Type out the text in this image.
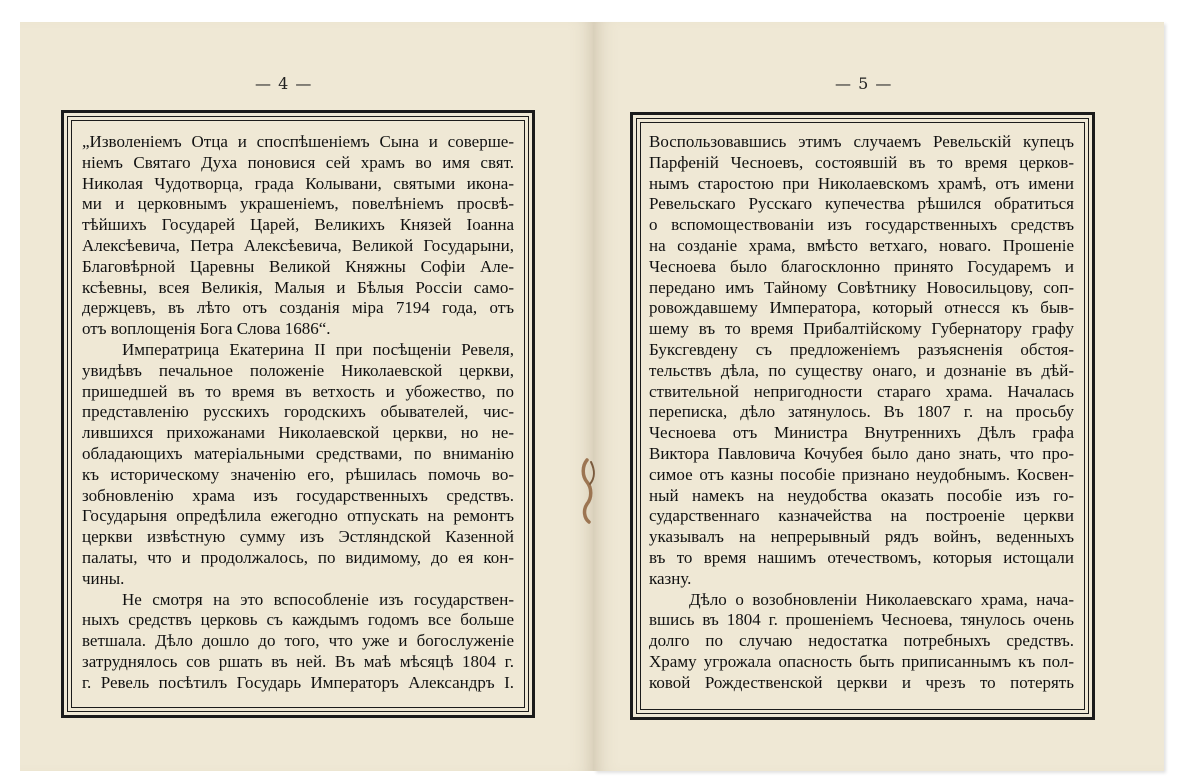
— 4 —	— 5 —
„Изволеніемъ Отца и споспѣшеніемъ Сына и соверше-
ніемъ Святаго Духа поновися сей храмъ во имя свят.
Николая Чудотворца, града Колывани, святыми икона-
ми и церковнымъ украшеніемъ, повелѣніемъ просвѣ-
тѣйшихъ Государей Царей, Великихъ Князей Іоанна
Алексѣевича, Петра Алексѣевича, Великой Государыни,
Благовѣрной Царевны Великой Княжны Софіи Але-
ксѣевны, всея Великія, Малыя и Бѣлыя Россіи само-
держцевъ, въ лѣто отъ созданія міра 7194 года, отъ
отъ воплощенія Бога Слова 1686“.
Императрица Екатерина II при посѣщеніи Ревеля,
увидѣвъ печальное положеніе Николаевской церкви,
пришедшей въ то время въ ветхость и убожество, по
представленію русскихъ городскихъ обывателей, чис-
лившихся прихожанами Николаевской церкви, но не-
обладающихъ матеріальными средствами, по вниманію
къ историческому значенію его, рѣшилась помочь во-
зобновленію храма изъ государственныхъ средствъ.
Государыня опредѣлила ежегодно отпускать на ремонтъ
церкви извѣстную сумму изъ Эстляндской Казенной
палаты, что и продолжалось, по видимому, до ея кон-
чины.
Не смотря на это вспособленіе изъ государствен-
ныхъ средствъ церковь съ каждымъ годомъ все больше
ветшала. Дѣло дошло до того, что уже и богослуженіе
затруднялось сов ршать въ ней. Въ маѣ мѣсяцѣ 1804 г.
г. Ревель посѣтилъ Государь Императоръ Александръ I.
Воспользовавшись этимъ случаемъ Ревельскій купецъ
Парфеній Чесноевъ, состоявшій въ то время церков-
нымъ старостою при Николаевскомъ храмѣ, отъ имени
Ревельскаго Русскаго купечества рѣшился обратиться
о вспомоществованіи изъ государственныхъ средствъ
на созданіе храма, вмѣсто ветхаго, новаго. Прошеніе
Чеснoева было благосклонно принято Государемъ и
передано имъ Тайному Совѣтнику Новосильцову, соп-
ровождавшему Императора, который отнесся къ быв-
шему въ то время Прибалтійскому Губернатору графу
Буксгевдену съ предложеніемъ разъясненія обстоя-
тельствъ дѣла, по существу онаго, и дознаніе въ дѣй-
ствительной непригодности стараго храма. Началась
переписка, дѣло затянулось. Въ 1807 г. на просьбу
Чеснoева отъ Министра Внутреннихъ Дѣлъ графа
Виктора Павловича Кочубея было дано знать, что про-
симое отъ казны пособіе признано неудобнымъ. Косвен-
ный намекъ на неудобства оказать пособіе изъ го-
сударственнаго казначейства на построеніе церкви
указывалъ на непрерывный рядъ войнъ, веденныхъ
въ то время нашимъ отечествомъ, которыя истощали
казну.
Дѣло о возобновленіи Николаевскаго храма, нача-
вшись въ 1804 г. прошеніемъ Чеснoева, тянулось очень
долго по случаю недостатка потребныхъ средствъ.
Храму угрожала опасность быть приписаннымъ къ пол-
ковой Рождественской церкви и чрезъ то потерять
